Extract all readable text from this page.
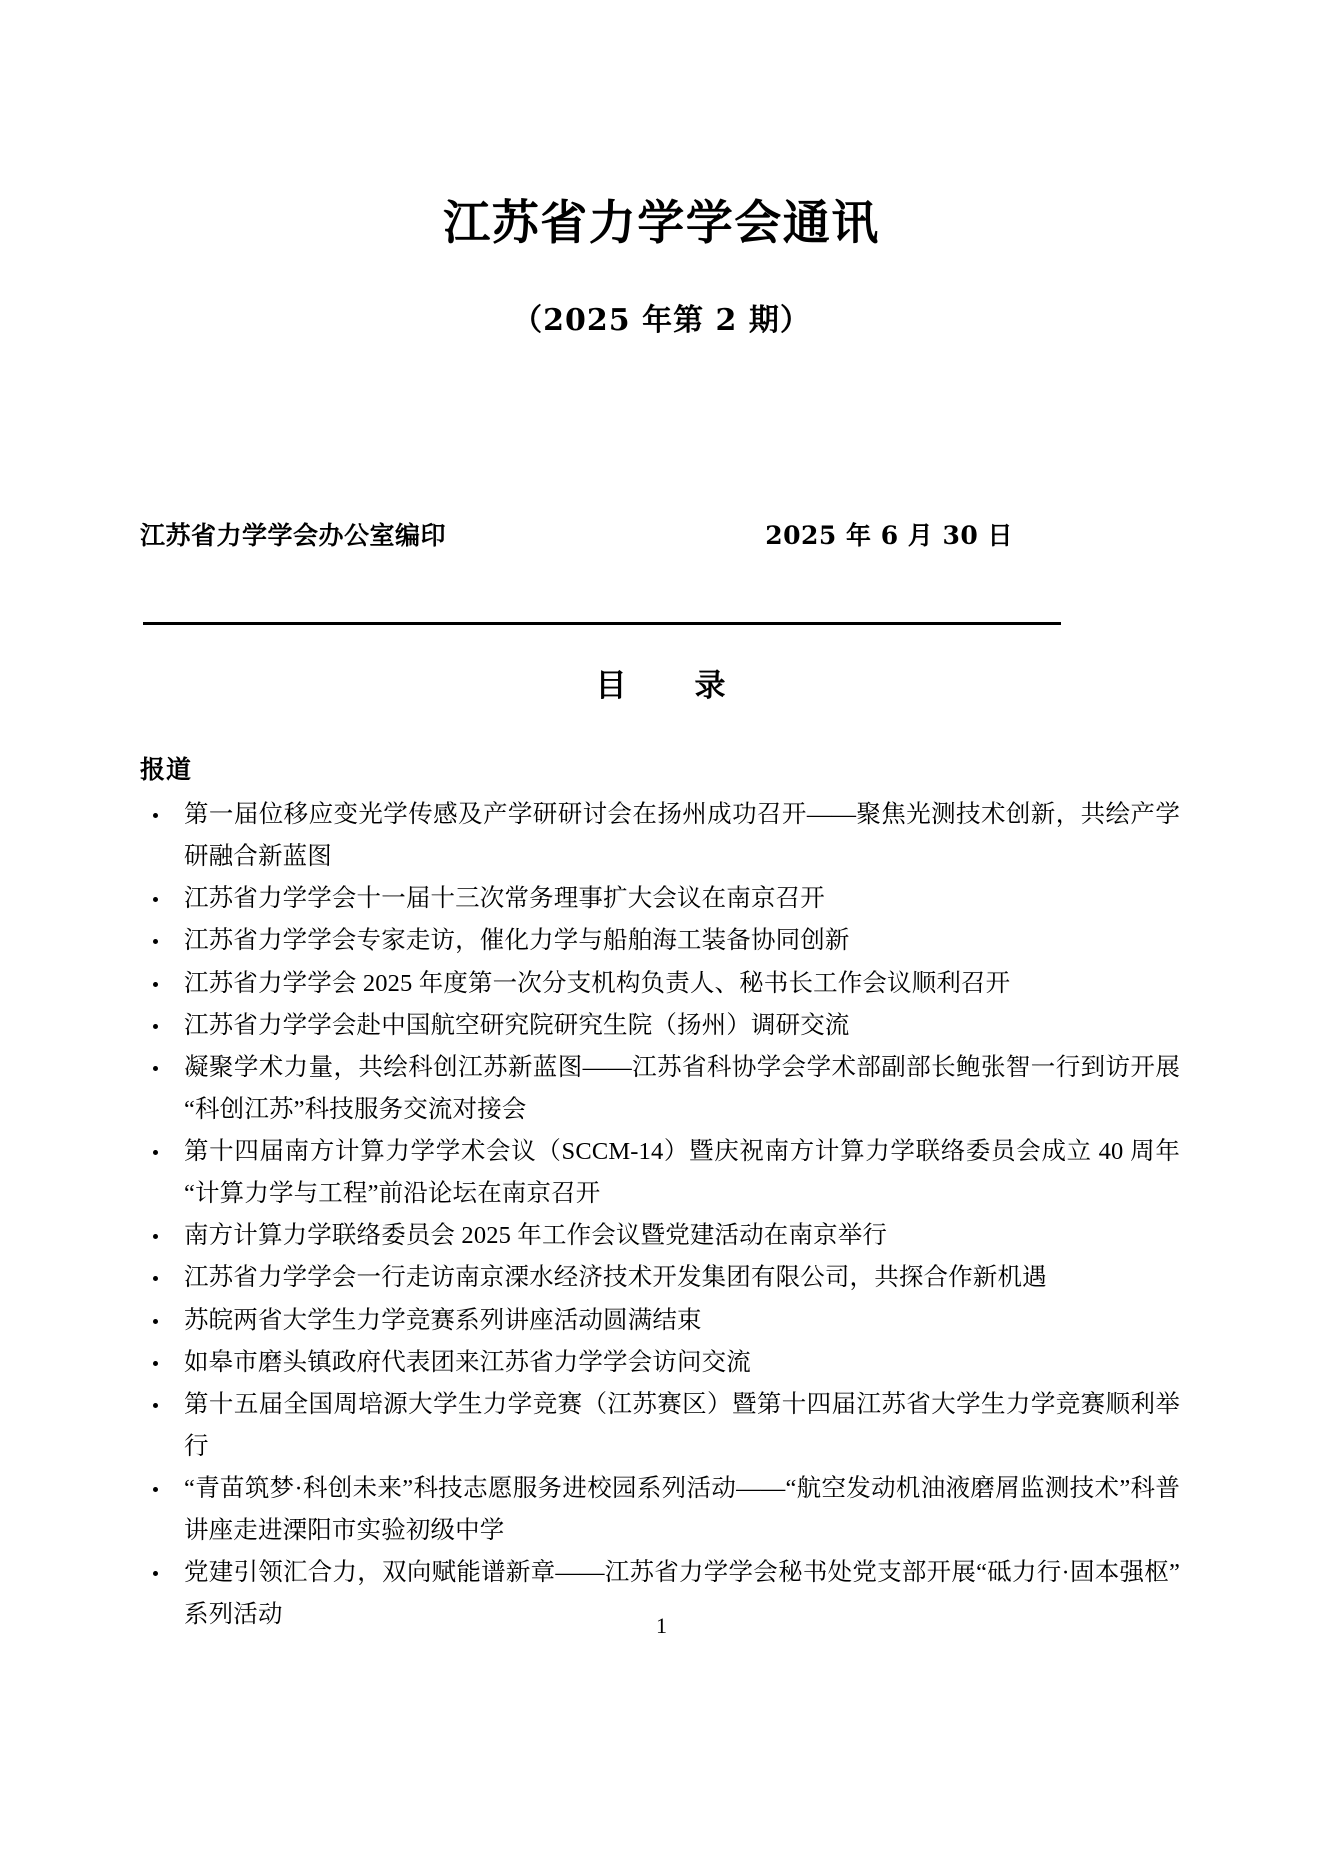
江苏省力学学会通讯
（2025 年第 2 期）
江苏省力学学会办公室编印	2025 年 6 月 30 日
目　　录
报道
第一届位移应变光学传感及产学研研讨会在扬州成功召开——聚焦光测技术创新，共绘产学研融合新蓝图
江苏省力学学会十一届十三次常务理事扩大会议在南京召开
江苏省力学学会专家走访，催化力学与船舶海工装备协同创新
江苏省力学学会 2025 年度第一次分支机构负责人、秘书长工作会议顺利召开
江苏省力学学会赴中国航空研究院研究生院（扬州）调研交流
凝聚学术力量，共绘科创江苏新蓝图——江苏省科协学会学术部副部长鲍张智一行到访开展“科创江苏”科技服务交流对接会
第十四届南方计算力学学术会议（SCCM-14）暨庆祝南方计算力学联络委员会成立 40 周年“计算力学与工程”前沿论坛在南京召开
南方计算力学联络委员会 2025 年工作会议暨党建活动在南京举行
江苏省力学学会一行走访南京溧水经济技术开发集团有限公司，共探合作新机遇
苏皖两省大学生力学竞赛系列讲座活动圆满结束
如皋市磨头镇政府代表团来江苏省力学学会访问交流
第十五届全国周培源大学生力学竞赛（江苏赛区）暨第十四届江苏省大学生力学竞赛顺利举行
“青苗筑梦·科创未来”科技志愿服务进校园系列活动——“航空发动机油液磨屑监测技术”科普讲座走进溧阳市实验初级中学
党建引领汇合力，双向赋能谱新章——江苏省力学学会秘书处党支部开展“砥力行·固本强枢”系列活动	1
